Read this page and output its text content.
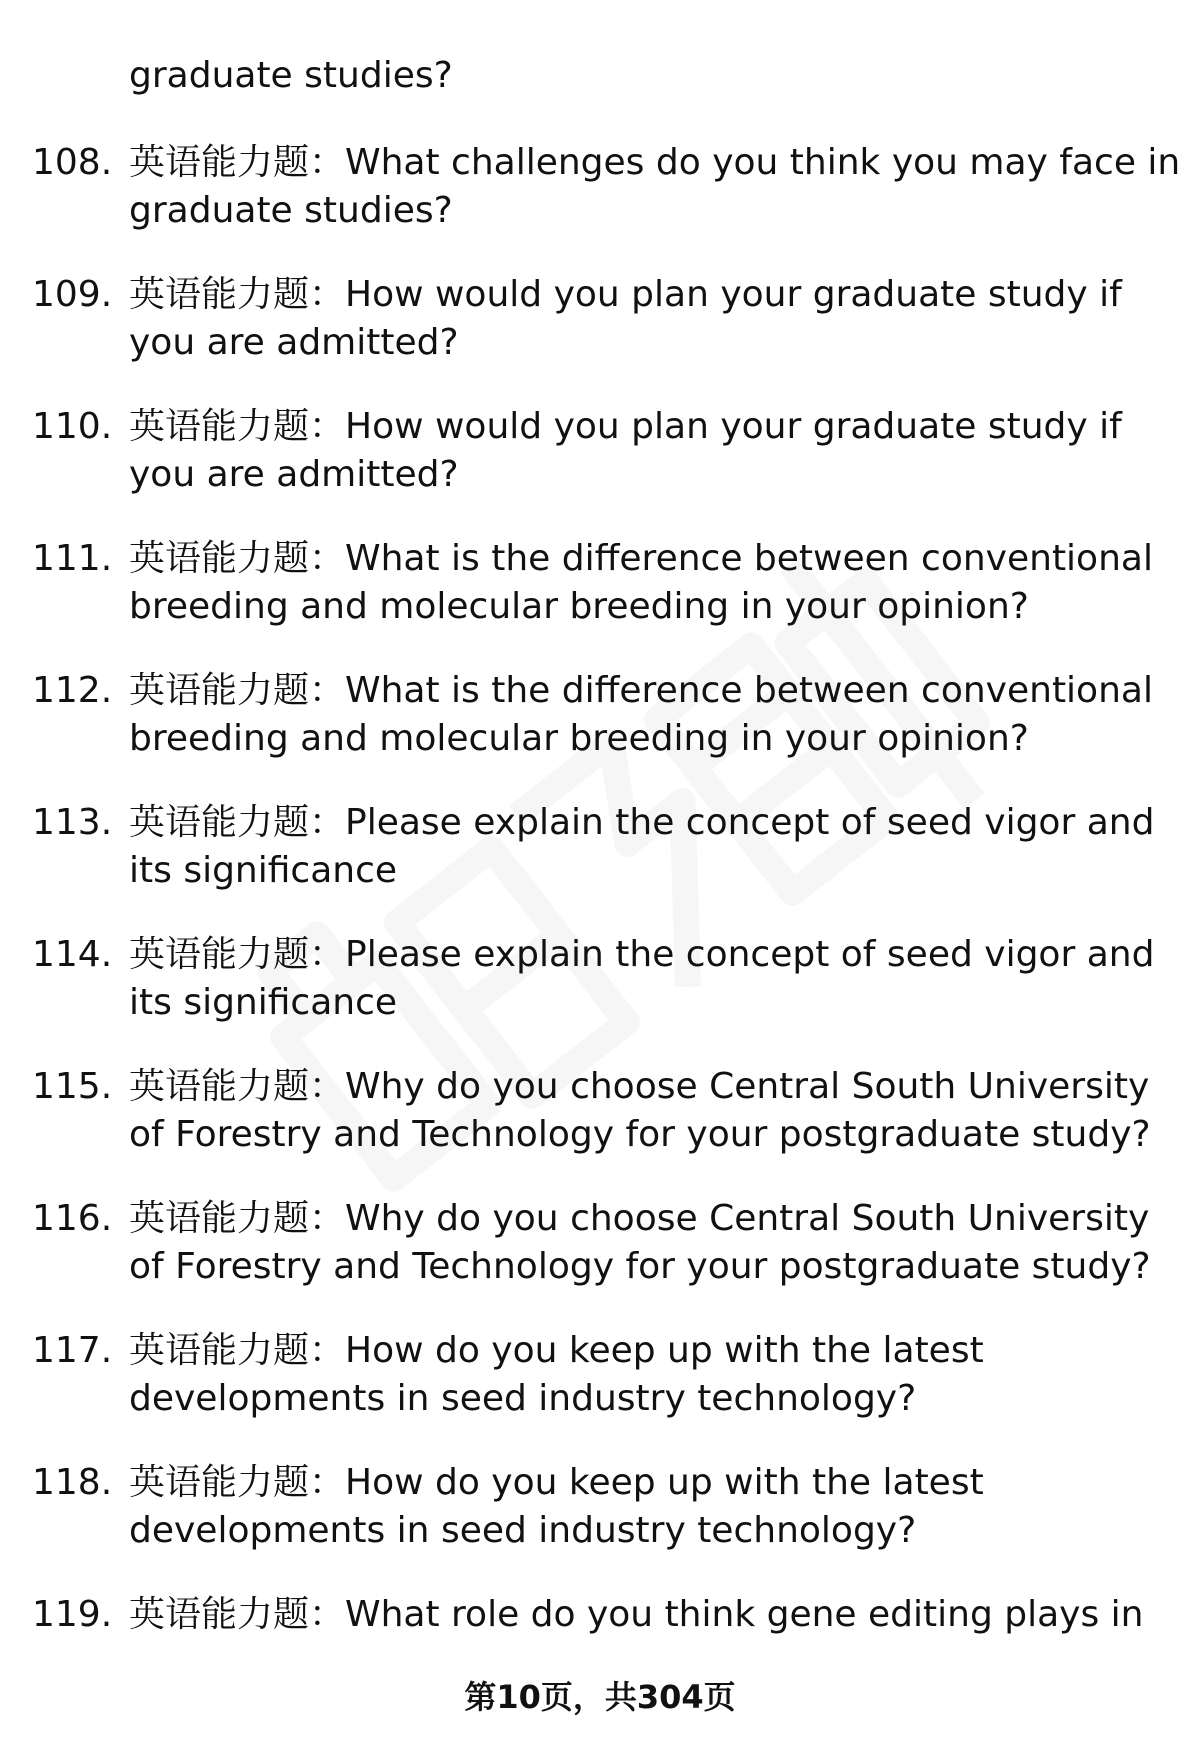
graduate studies?
108. 英语能力题：What challenges do you think you may face in
graduate studies?
109. 英语能力题：How would you plan your graduate study if
you are admitted?
110. 英语能力题：How would you plan your graduate study if
you are admitted?
111. 英语能力题：What is the difference between conventional
breeding and molecular breeding in your opinion?
112. 英语能力题：What is the difference between conventional
breeding and molecular breeding in your opinion?
113. 英语能力题：Please explain the concept of seed vigor and
its significance
114. 英语能力题：Please explain the concept of seed vigor and
its significance
115. 英语能力题：Why do you choose Central South University
of Forestry and Technology for your postgraduate study?
116. 英语能力题：Why do you choose Central South University
of Forestry and Technology for your postgraduate study?
117. 英语能力题：How do you keep up with the latest
developments in seed industry technology?
118. 英语能力题：How do you keep up with the latest
developments in seed industry technology?
119. 英语能力题：What role do you think gene editing plays in
第10页，共304页
